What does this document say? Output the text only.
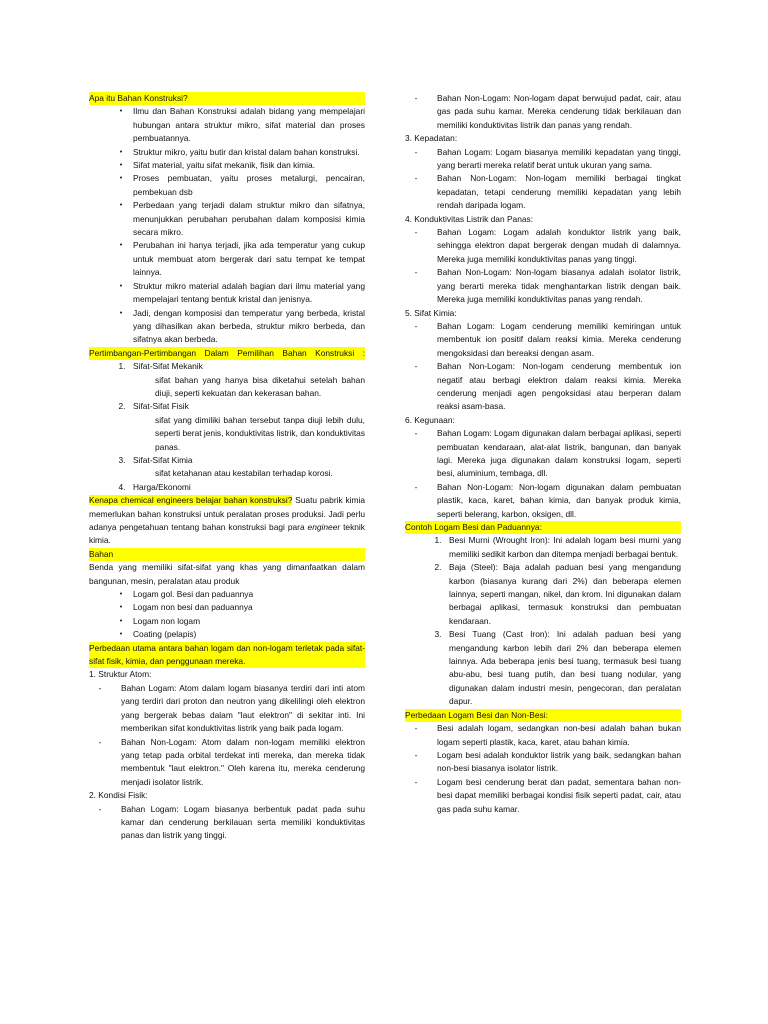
Apa itu Bahan Konstruksi?
•	Ilmu dan Bahan Konstruksi adalah bidang yang mempelajari hubungan antara struktur mikro, sifat material dan proses pembuatannya.
•	Struktur mikro, yaitu butir dan kristal dalam bahan konstruksi.
•	Sifat material, yaitu sifat mekanik, fisik dan kimia.
•	Proses pembuatan, yaitu proses metalurgi, pencairan, pembekuan dsb
•	Perbedaan yang terjadi dalam struktur mikro dan sifatnya, menunjukkan perubahan perubahan dalam komposisi kimia secara mikro.
•	Perubahan ini hanya terjadi, jika ada temperatur yang cukup untuk membuat atom bergerak dari satu tempat ke tempat lainnya.
•	Struktur mikro material adalah bagian dari ilmu material yang mempelajari tentang bentuk kristal dan jenisnya.
•	Jadi, dengan komposisi dan temperatur yang berbeda, kristal yang dihasilkan akan berbeda, struktur mikro berbeda, dan sifatnya akan berbeda.
Pertimbangan-Pertimbangan Dalam Pemilihan Bahan Konstruksi :
1. Sifat-Sifat Mekanik
sifat bahan yang hanya bisa diketahui setelah bahan diuji, seperti kekuatan dan kekerasan bahan.
2. Sifat-Sifat Fisik
sifat yang dimiliki bahan tersebut tanpa diuji lebih dulu, seperti berat jenis, konduktivitas listrik, dan konduktivitas panas.
3. Sifat-Sifat Kimia
sifat ketahanan atau kestabilan terhadap korosi.
4. Harga/Ekonomi
Kenapa chemical engineers belajar bahan konstruksi? Suatu pabrik kimia memerlukan bahan konstruksi untuk peralatan proses produksi. Jadi perlu adanya pengetahuan tentang bahan konstruksi bagi para engineer teknik kimia.
Bahan
Benda yang memiliki sifat-sifat yang khas yang dimanfaatkan dalam bangunan, mesin, peralatan atau produk
•	Logam gol. Besi dan paduannya
•	Logam non besi dan paduannya
•	Logam non logam
•	Coating (pelapis)
Perbedaan utama antara bahan logam dan non-logam terletak pada sifat-sifat fisik, kimia, dan penggunaan mereka.
1. Struktur Atom:
-	Bahan Logam: Atom dalam logam biasanya terdiri dari inti atom yang terdiri dari proton dan neutron yang dikelilingi oleh elektron yang bergerak bebas dalam "laut elektron" di sekitar inti. Ini memberikan sifat konduktivitas listrik yang baik pada logam.
-	Bahan Non-Logam: Atom dalam non-logam memiliki elektron yang tetap pada orbital terdekat inti mereka, dan mereka tidak membentuk "laut elektron." Oleh karena itu, mereka cenderung menjadi isolator listrik.
2. Kondisi Fisik:
-	Bahan Logam: Logam biasanya berbentuk padat pada suhu kamar dan cenderung berkilauan serta memiliki konduktivitas panas dan listrik yang tinggi.
-	Bahan Non-Logam: Non-logam dapat berwujud padat, cair, atau gas pada suhu kamar. Mereka cenderung tidak berkilauan dan memiliki konduktivitas listrik dan panas yang rendah.
3. Kepadatan:
-	Bahan Logam: Logam biasanya memiliki kepadatan yang tinggi, yang berarti mereka relatif berat untuk ukuran yang sama.
-	Bahan Non-Logam: Non-logam memiliki berbagai tingkat kepadatan, tetapi cenderung memiliki kepadatan yang lebih rendah daripada logam.
4. Konduktivitas Listrik dan Panas:
-	Bahan Logam: Logam adalah konduktor listrik yang baik, sehingga elektron dapat bergerak dengan mudah di dalamnya. Mereka juga memiliki konduktivitas panas yang tinggi.
-	Bahan Non-Logam: Non-logam biasanya adalah isolator listrik, yang berarti mereka tidak menghantarkan listrik dengan baik. Mereka juga memiliki konduktivitas panas yang rendah.
5. Sifat Kimia:
-	Bahan Logam: Logam cenderung memiliki kemiringan untuk membentuk ion positif dalam reaksi kimia. Mereka cenderung mengoksidasi dan bereaksi dengan asam.
-	Bahan Non-Logam: Non-logam cenderung membentuk ion negatif atau berbagi elektron dalam reaksi kimia. Mereka cenderung menjadi agen pengoksidasi atau berperan dalam reaksi asam-basa.
6. Kegunaan:
-	Bahan Logam: Logam digunakan dalam berbagai aplikasi, seperti pembuatan kendaraan, alat-alat listrik, bangunan, dan banyak lagi. Mereka juga digunakan dalam konstruksi logam, seperti besi, aluminium, tembaga, dll.
-	Bahan Non-Logam: Non-logam digunakan dalam pembuatan plastik, kaca, karet, bahan kimia, dan banyak produk kimia, seperti belerang, karbon, oksigen, dll.
Contoh Logam Besi dan Paduannya:
1. Besi Murni (Wrought Iron): Ini adalah logam besi murni yang memiliki sedikit karbon dan ditempa menjadi berbagai bentuk.
2. Baja (Steel): Baja adalah paduan besi yang mengandung karbon (biasanya kurang dari 2%) dan beberapa elemen lainnya, seperti mangan, nikel, dan krom. Ini digunakan dalam berbagai aplikasi, termasuk konstruksi dan pembuatan kendaraan.
3. Besi Tuang (Cast Iron): Ini adalah paduan besi yang mengandung karbon lebih dari 2% dan beberapa elemen lainnya. Ada beberapa jenis besi tuang, termasuk besi tuang abu-abu, besi tuang putih, dan besi tuang nodular, yang digunakan dalam industri mesin, pengecoran, dan peralatan dapur.
Perbedaan Logam Besi dan Non-Besi:
-	Besi adalah logam, sedangkan non-besi adalah bahan bukan logam seperti plastik, kaca, karet, atau bahan kimia.
-	Logam besi adalah konduktor listrik yang baik, sedangkan bahan non-besi biasanya isolator listrik.
-	Logam besi cenderung berat dan padat, sementara bahan non-besi dapat memiliki berbagai kondisi fisik seperti padat, cair, atau gas pada suhu kamar.
